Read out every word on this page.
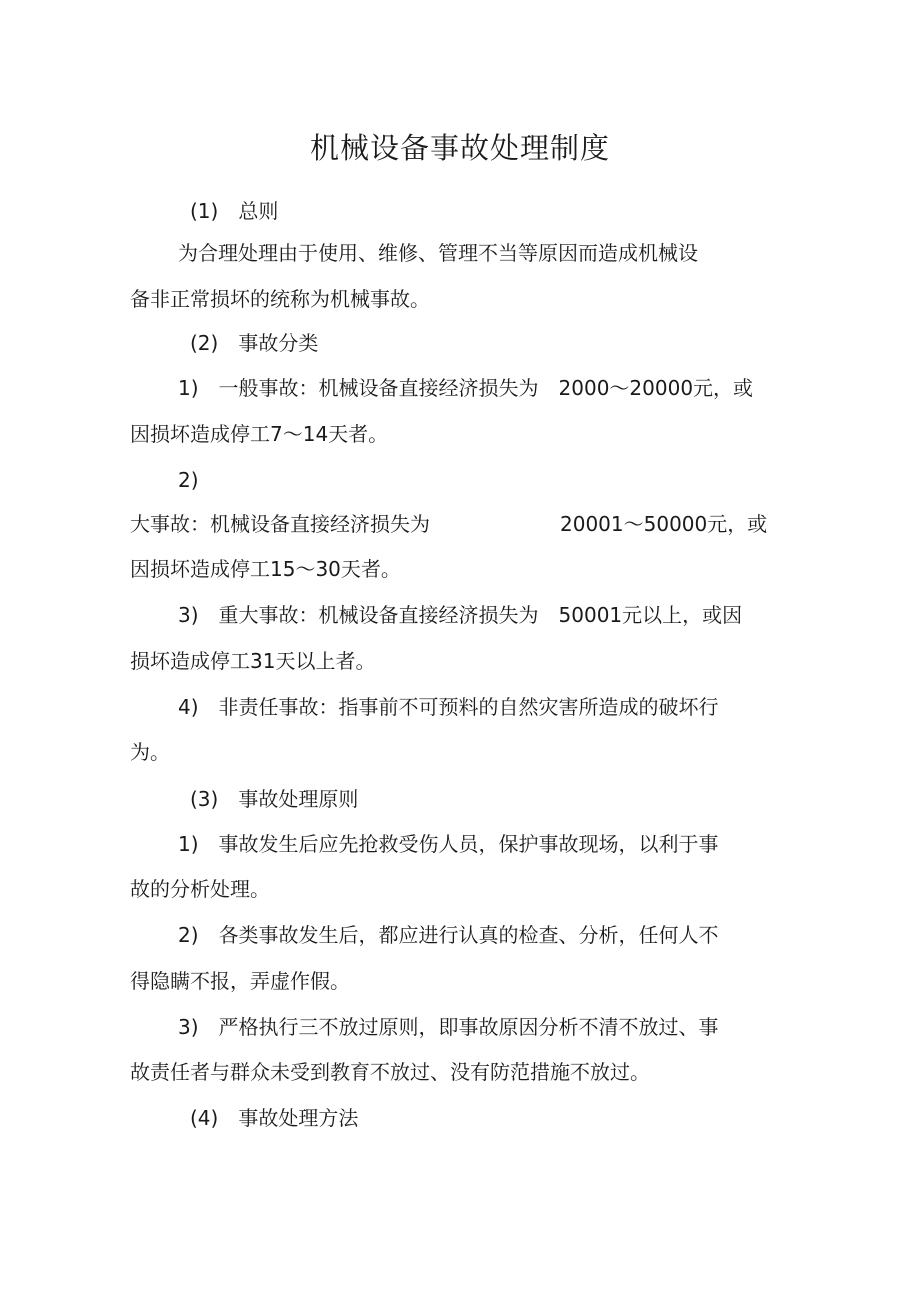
机械设备事故处理制度
(1)　总则
为合理处理由于使用、维修、管理不当等原因而造成机械设
备非正常损坏的统称为机械事故。
(2)　事故分类
1)　一般事故：机械设备直接经济损失为　2000～20000元，或
因损坏造成停工7～14天者。
2)
大事故：机械设备直接经济损失为	20001～50000元，或
因损坏造成停工15～30天者。
3)　重大事故：机械设备直接经济损失为　50001元以上，或因
损坏造成停工31天以上者。
4)　非责任事故：指事前不可预料的自然灾害所造成的破坏行
为。
(3)　事故处理原则
1)　事故发生后应先抢救受伤人员，保护事故现场，以利于事
故的分析处理。
2)　各类事故发生后，都应进行认真的检查、分析，任何人不
得隐瞒不报，弄虚作假。
3)　严格执行三不放过原则，即事故原因分析不清不放过、事
故责任者与群众未受到教育不放过、没有防范措施不放过。
(4)　事故处理方法
